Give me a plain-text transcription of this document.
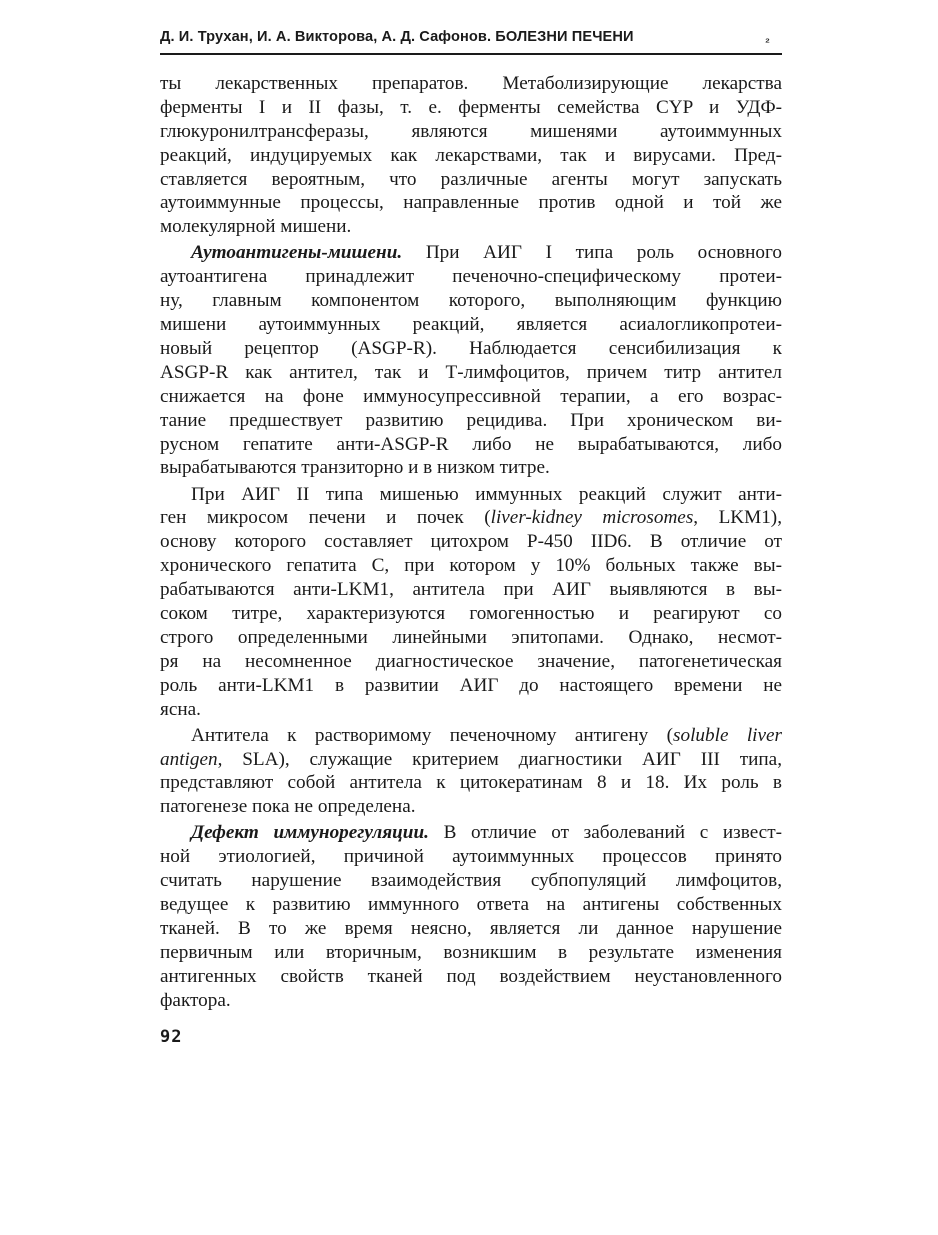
Д. И. Трухан, И. А. Викторова, А. Д. Сафонов. БОЛЕЗНИ ПЕЧЕНИ	₂
ты лекарственных препаратов. Метаболизирующие лекарства
ферменты I и II фазы, т. е. ферменты семейства CYP и УДФ-
глюкуронилтрансферазы, являются мишенями аутоиммунных
реакций, индуцируемых как лекарствами, так и вирусами. Пред-
ставляется вероятным, что различные агенты могут запускать
аутоиммунные процессы, направленные против одной и той же
молекулярной мишени.
Аутоантигены-мишени. При АИГ I типа роль основного
аутоантигена принадлежит печеночно-специфическому протеи-
ну, главным компонентом которого, выполняющим функцию
мишени аутоиммунных реакций, является асиалогликопротеи-
новый рецептор (ASGP-R). Наблюдается сенсибилизация к
ASGP-R как антител, так и Т-лимфоцитов, причем титр антител
снижается на фоне иммуносупрессивной терапии, а его возрас-
тание предшествует развитию рецидива. При хроническом ви-
русном гепатите анти-ASGP-R либо не вырабатываются, либо
вырабатываются транзиторно и в низком титре.
При АИГ II типа мишенью иммунных реакций служит анти-
ген микросом печени и почек (liver-kidney microsomes, LKM1),
основу которого составляет цитохром P-450 IID6. В отличие от
хронического гепатита С, при котором у 10% больных также вы-
рабатываются анти-LKM1, антитела при АИГ выявляются в вы-
соком титре, характеризуются гомогенностью и реагируют со
строго определенными линейными эпитопами. Однако, несмот-
ря на несомненное диагностическое значение, патогенетическая
роль анти-LKM1 в развитии АИГ до настоящего времени не
ясна.
Антитела к растворимому печеночному антигену (soluble liver
antigen, SLA), служащие критерием диагностики АИГ III типа,
представляют собой антитела к цитокератинам 8 и 18. Их роль в
патогенезе пока не определена.
Дефект иммунорегуляции. В отличие от заболеваний с извест-
ной этиологией, причиной аутоиммунных процессов принято
считать нарушение взаимодействия субпопуляций лимфоцитов,
ведущее к развитию иммунного ответа на антигены собственных
тканей. В то же время неясно, является ли данное нарушение
первичным или вторичным, возникшим в результате изменения
антигенных свойств тканей под воздействием неустановленного
фактора.
92
